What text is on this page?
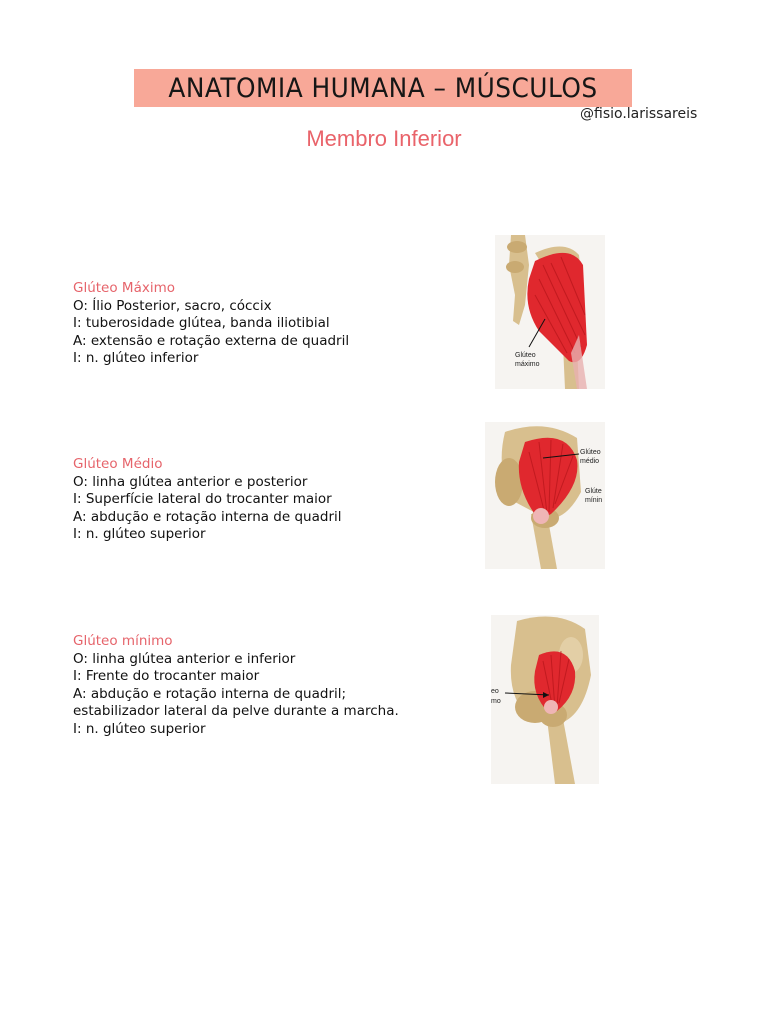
ANATOMIA HUMANA – MÚSCULOS
@fisio.larissareis
Membro Inferior
Glúteo Máximo
O: Ílio Posterior, sacro, cóccix
I: tuberosidade glútea, banda iliotibial
A: extensão e rotação externa de quadril
I: n. glúteo inferior	Glúteo
máximo
Glúteo Médio
O: linha glútea anterior e posterior
I: Superfície lateral do trocanter maior
A: abdução e rotação interna de quadril
I: n. glúteo superior
Glúteo
médio
Glúte
mínin
Glúteo mínimo
O: linha glútea anterior e inferior
I: Frente do trocanter maior
A: abdução e rotação interna de quadril;
estabilizador lateral da pelve durante a marcha.
I: n. glúteo superior
eo
mo
